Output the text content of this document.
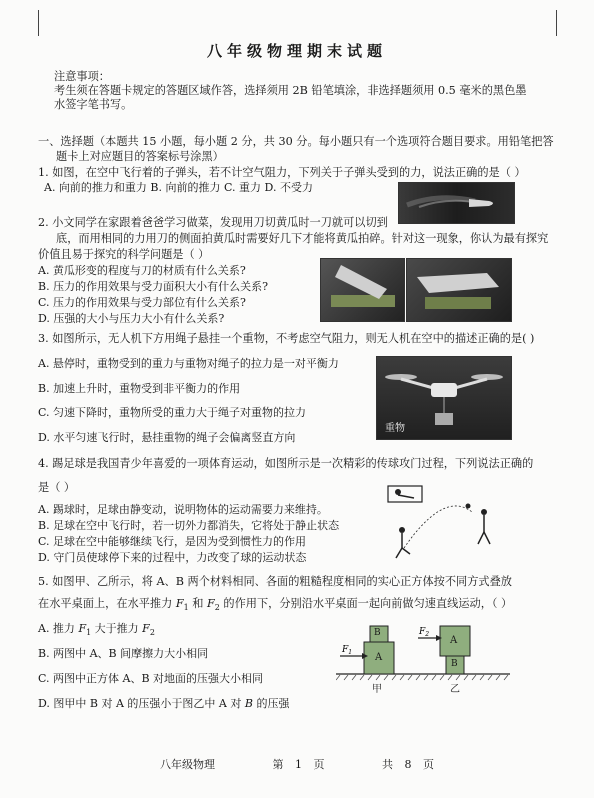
八年级物理期末试题
注意事项：
考生须在答题卡规定的答题区域作答，选择须用 2B 铅笔填涂，非选择题须用 0.5 毫米的黑色墨
水签字笔书写。
一、选择题（本题共 15 小题，每小题 2 分，共 30 分。每小题只有一个选项符合题目要求。用铅笔把答
题卡上对应题目的答案标号涂黑）
1. 如图，在空中飞行着的子弹头，若不计空气阻力，下列关于子弹头受到的力，说法正确的是（ ）
A. 向前的推力和重力 B. 向前的推力 C. 重力 D. 不受力
2. 小文同学在家跟着爸爸学习做菜，发现用刀切黄瓜时一刀就可以切到
底，而用相同的力用刀的侧面拍黄瓜时需要好几下才能将黄瓜拍碎。针对这一现象，你认为最有探究
价值且易于探究的科学问题是（ ）
A. 黄瓜形变的程度与刀的材质有什么关系?
B. 压力的作用效果与受力面积大小有什么关系?
C. 压力的作用效果与受力部位有什么关系?
D. 压强的大小与压力大小有什么关系?
3. 如图所示，无人机下方用绳子悬挂一个重物，不考虑空气阻力，则无人机在空中的描述正确的是( )
A. 悬停时，重物受到的重力与重物对绳子的拉力是一对平衡力
B. 加速上升时，重物受到非平衡力的作用
C. 匀速下降时，重物所受的重力大于绳子对重物的拉力
D. 水平匀速飞行时，悬挂重物的绳子会偏离竖直方向
重物
4. 踢足球是我国青少年喜爱的一项体育运动，如图所示是一次精彩的传球攻门过程，下列说法正确的
是（ ）
A. 踢球时，足球由静变动，说明物体的运动需要力来维持。
B. 足球在空中飞行时，若一切外力都消失，它将处于静止状态
C. 足球在空中能够继续飞行，是因为受到惯性力的作用
D. 守门员使球停下来的过程中，力改变了球的运动状态
5. 如图甲、乙所示，将 A、B 两个材料相同、各面的粗糙程度相同的实心正方体按不同方式叠放
在水平桌面上，在水平推力 $F_1$ 和 $F_2$ 的作用下，分别沿水平桌面一起向前做匀速直线运动，（ ）
A. 推力 $F_1$ 大于推力 $F_2$
B. 两图中 A、B 间摩擦力大小相同
C. 两图中正方体 A、B 对地面的压强大小相同
D. 图甲中 B 对 A 的压强小于图乙中 A 对 B 的压强
$F_1$
$F_2$
B
A
A
B
甲	乙
八年级物理	第 1 页	共 8 页
